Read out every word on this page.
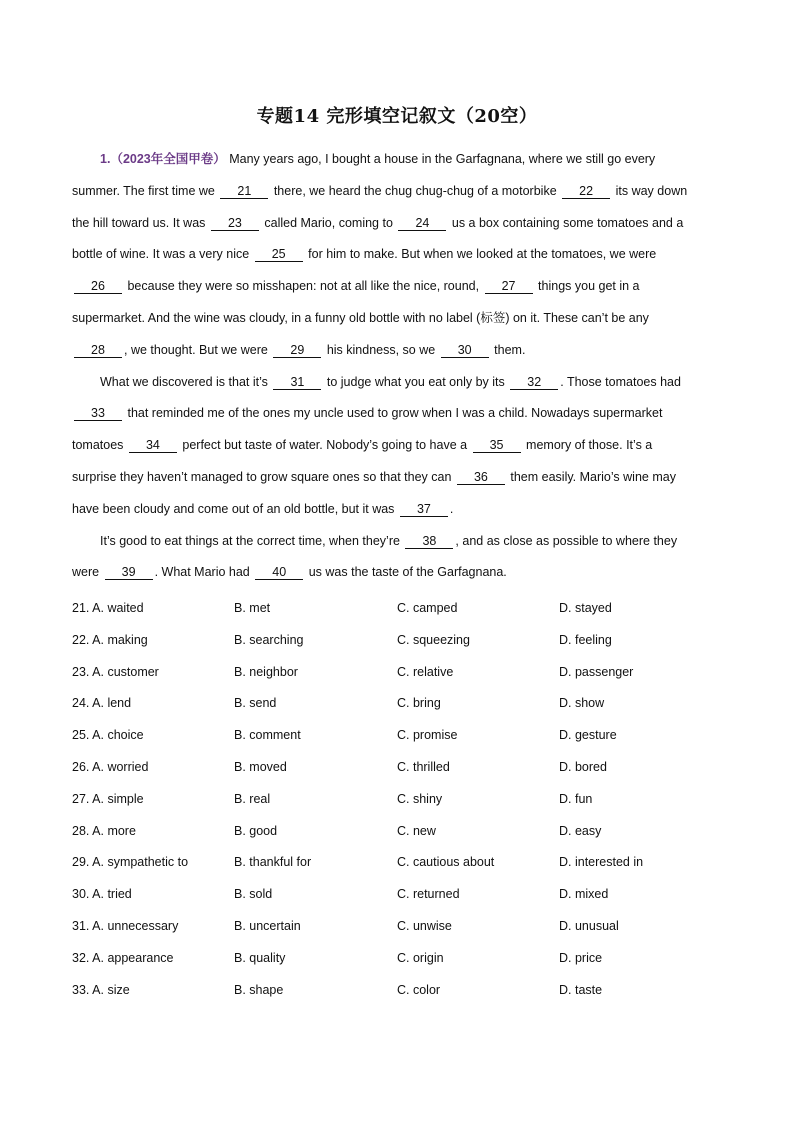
专题14 完形填空记叙文（20空）
1.（2023年全国甲卷） Many years ago, I bought a house in the Garfagnana, where we still go every
summer. The first time we 21 there, we heard the chug chug-chug of a motorbike 22 its way down
the hill toward us. It was 23 called Mario, coming to 24 us a box containing some tomatoes and a
bottle of wine. It was a very nice 25 for him to make. But when we looked at the tomatoes, we were
26 because they were so misshapen: not at all like the nice, round, 27 things you get in a
supermarket. And the wine was cloudy, in a funny old bottle with no label (标签) on it. These can’t be any
28 , we thought. But we were 29 his kindness, so we 30 them.
What we discovered is that it’s 31 to judge what you eat only by its 32 . Those tomatoes had
33 that reminded me of the ones my uncle used to grow when I was a child. Nowadays supermarket
tomatoes 34 perfect but taste of water. Nobody’s going to have a 35 memory of those. It’s a
surprise they haven’t managed to grow square ones so that they can 36 them easily. Mario’s wine may
have been cloudy and come out of an old bottle, but it was 37 .
It’s good to eat things at the correct time, when they’re 38 , and as close as possible to where they
were 39 . What Mario had 40 us was the taste of the Garfagnana.
21. A. waited	B. met	C. camped	D. stayed
22. A. making	B. searching	C. squeezing	D. feeling
23. A. customer	B. neighbor	C. relative	D. passenger
24. A. lend	B. send	C. bring	D. show
25. A. choice	B. comment	C. promise	D. gesture
26. A. worried	B. moved	C. thrilled	D. bored
27. A. simple	B. real	C. shiny	D. fun
28. A. more	B. good	C. new	D. easy
29. A. sympathetic to	B. thankful for	C. cautious about	D. interested in
30. A. tried	B. sold	C. returned	D. mixed
31. A. unnecessary	B. uncertain	C. unwise	D. unusual
32. A. appearance	B. quality	C. origin	D. price
33. A. size	B. shape	C. color	D. taste
